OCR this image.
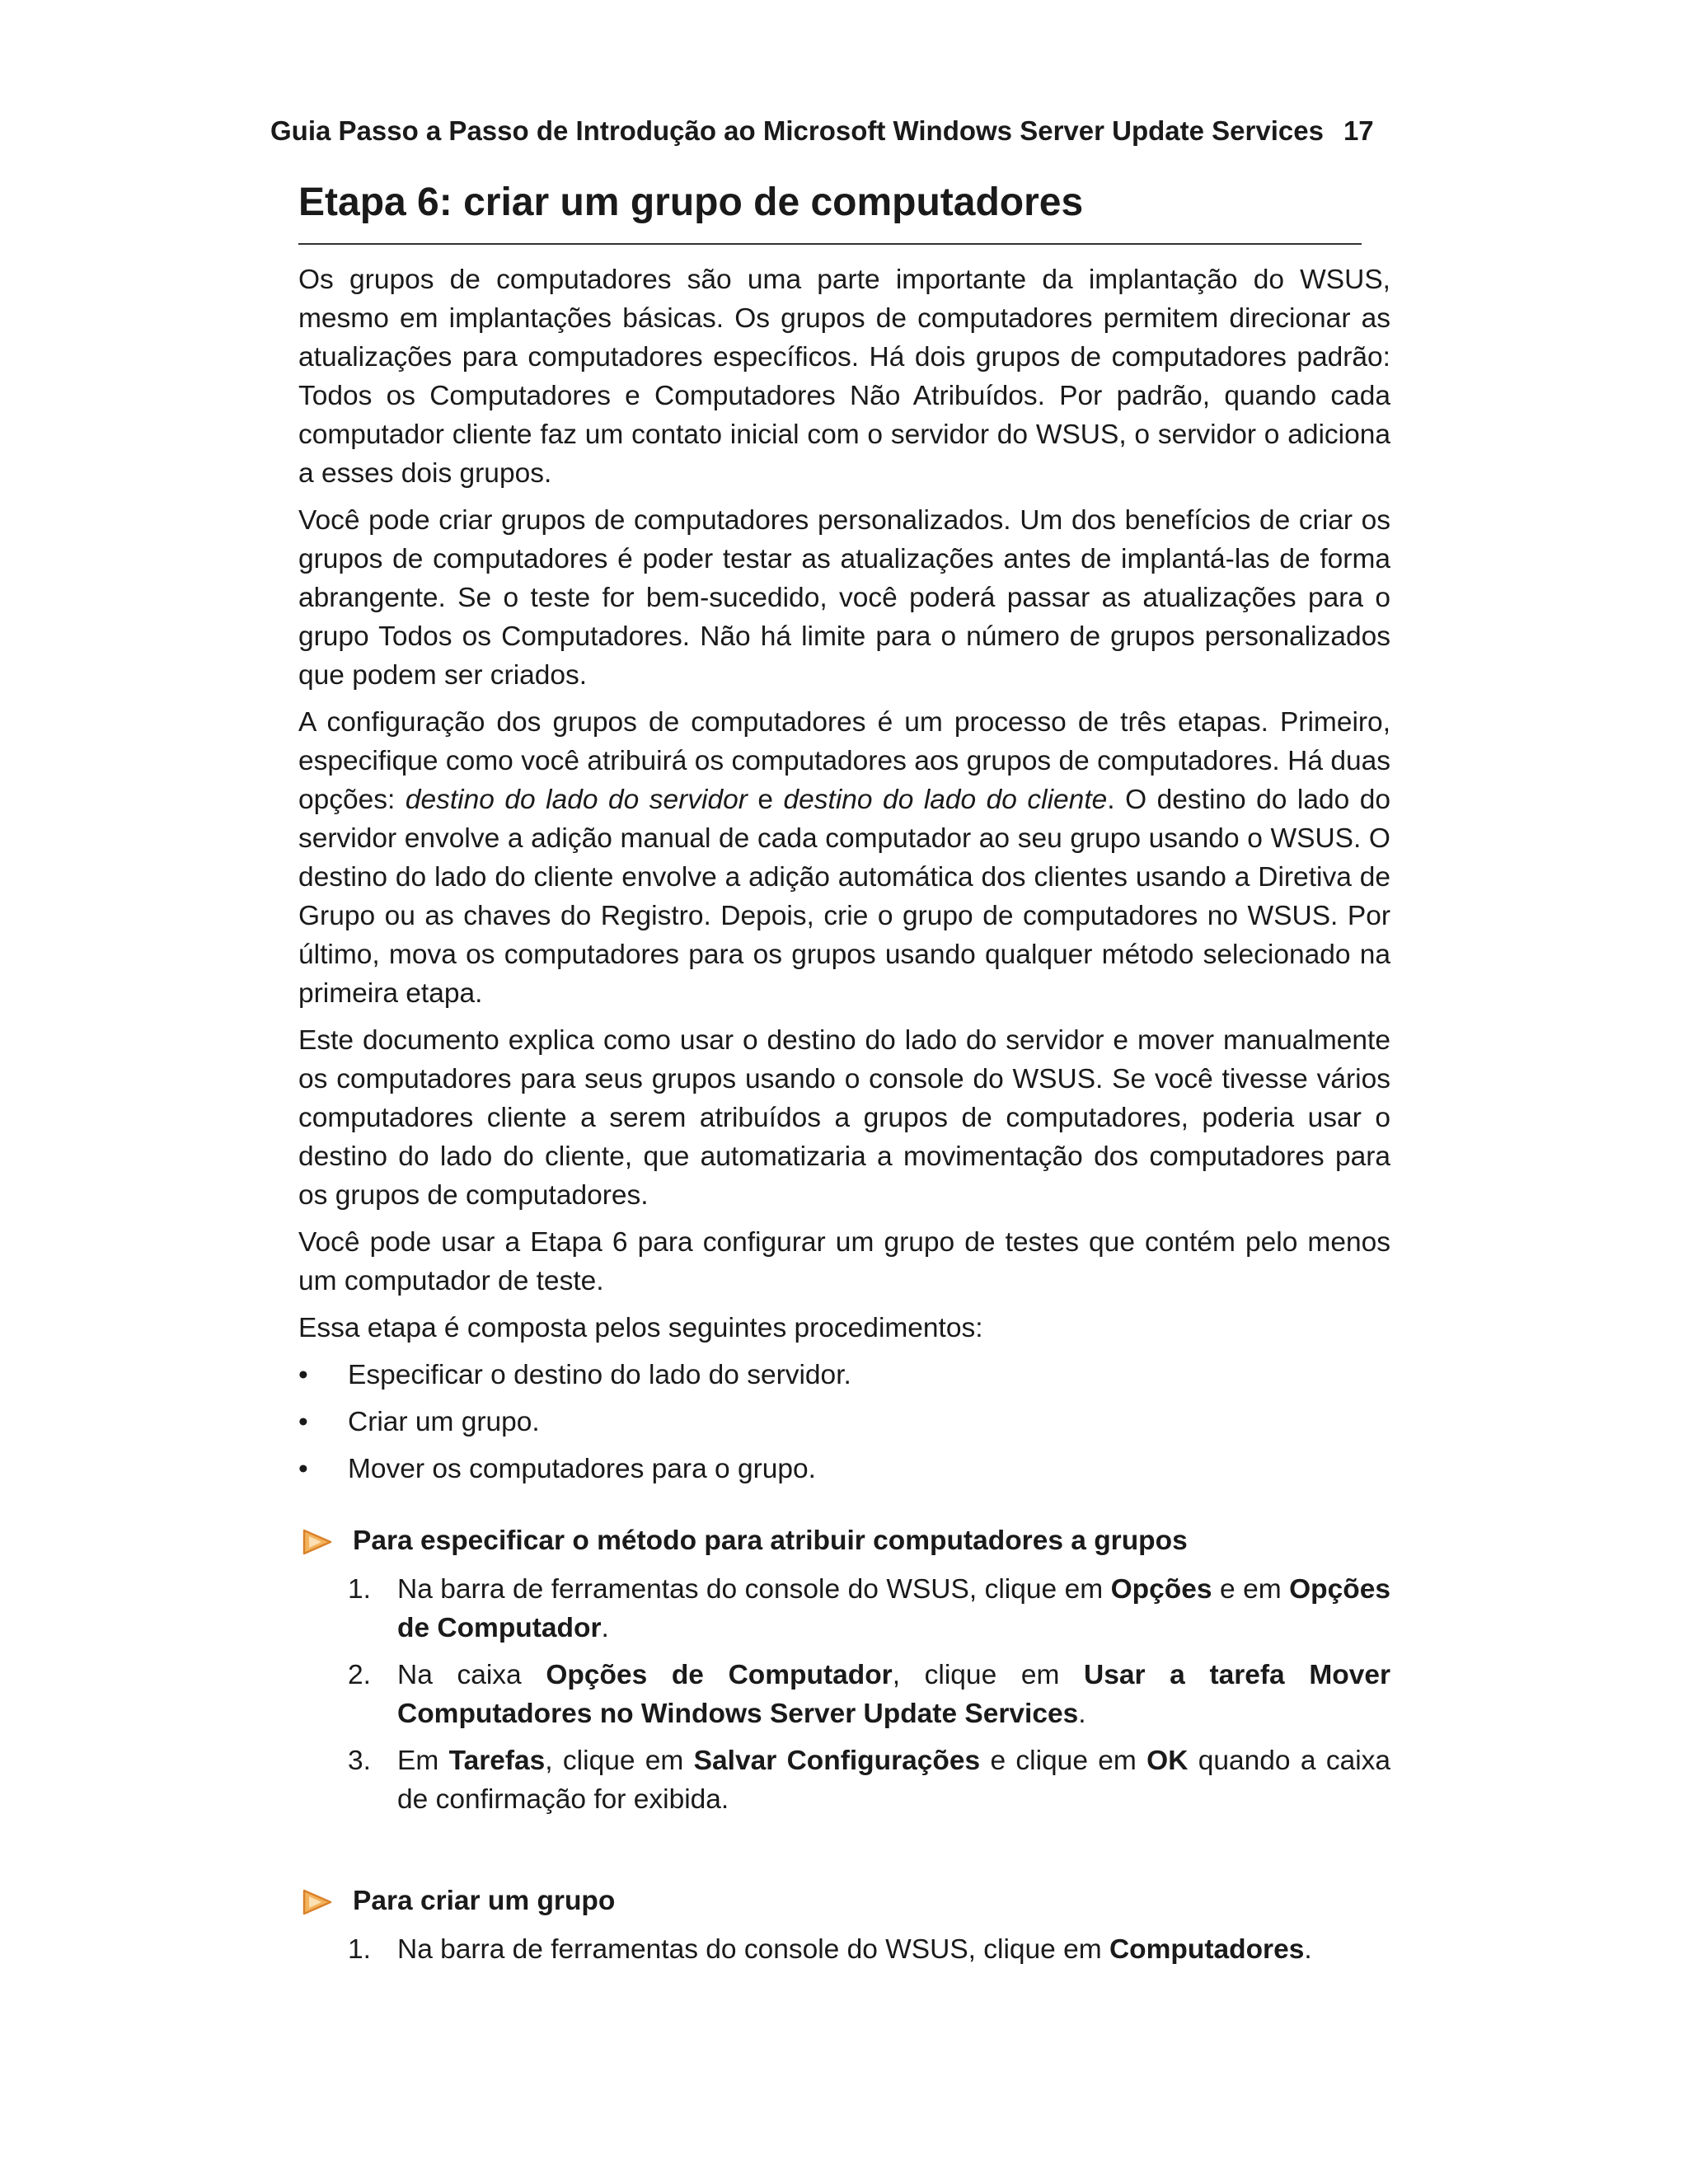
Guia Passo a Passo de Introdução ao Microsoft Windows Server Update Services 17
Etapa 6: criar um grupo de computadores

Os grupos de computadores são uma parte importante da implantação do WSUS, mesmo em implantações básicas. Os grupos de computadores permitem direcionar as atualizações para computadores específicos. Há dois grupos de computadores padrão: Todos os Computadores e Computadores Não Atribuídos. Por padrão, quando cada computador cliente faz um contato inicial com o servidor do WSUS, o servidor o adiciona a esses dois grupos.

Você pode criar grupos de computadores personalizados. Um dos benefícios de criar os grupos de computadores é poder testar as atualizações antes de implantá-las de forma abrangente. Se o teste for bem-sucedido, você poderá passar as atualizações para o grupo Todos os Computadores. Não há limite para o número de grupos personalizados que podem ser criados.

A configuração dos grupos de computadores é um processo de três etapas. Primeiro, especifique como você atribuirá os computadores aos grupos de computadores. Há duas opções: destino do lado do servidor e destino do lado do cliente. O destino do lado do servidor envolve a adição manual de cada computador ao seu grupo usando o WSUS. O destino do lado do cliente envolve a adição automática dos clientes usando a Diretiva de Grupo ou as chaves do Registro. Depois, crie o grupo de computadores no WSUS. Por último, mova os computadores para os grupos usando qualquer método selecionado na primeira etapa.

Este documento explica como usar o destino do lado do servidor e mover manualmente os computadores para seus grupos usando o console do WSUS. Se você tivesse vários computadores cliente a serem atribuídos a grupos de computadores, poderia usar o destino do lado do cliente, que automatizaria a movimentação dos computadores para os grupos de computadores.

Você pode usar a Etapa 6 para configurar um grupo de testes que contém pelo menos um computador de teste.

Essa etapa é composta pelos seguintes procedimentos:

• Especificar o destino do lado do servidor.
• Criar um grupo.
• Mover os computadores para o grupo.
Para especificar o método para atribuir computadores a grupos
1. Na barra de ferramentas do console do WSUS, clique em Opções e em Opções de Computador.
2. Na caixa Opções de Computador, clique em Usar a tarefa Mover Computadores no Windows Server Update Services.
3. Em Tarefas, clique em Salvar Configurações e clique em OK quando a caixa de confirmação for exibida.
Para criar um grupo
1. Na barra de ferramentas do console do WSUS, clique em Computadores.
